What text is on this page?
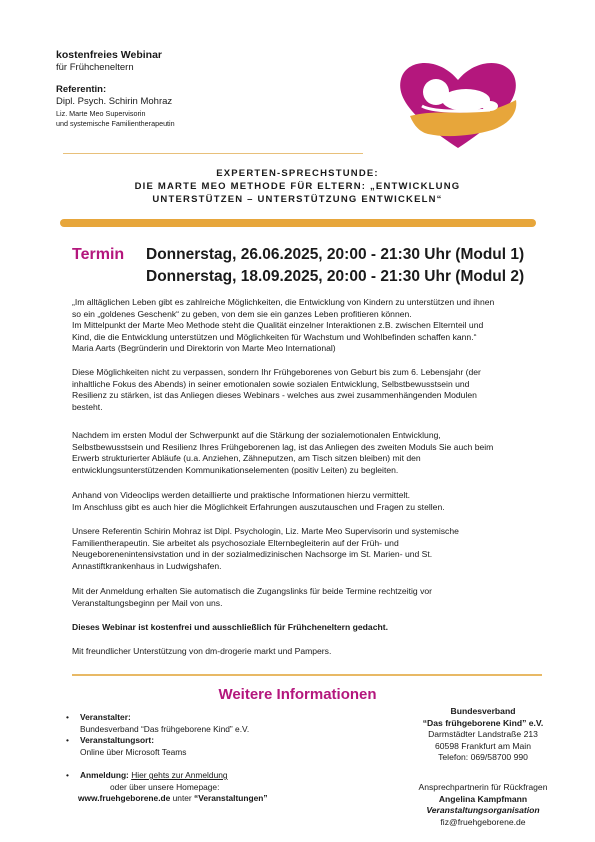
kostenfreies Webinar
für Frühcheneltern
Referentin:
Dipl. Psych. Schirin Mohraz
Liz. Marte Meo Supervisorin
und systemische Familientherapeutin
EXPERTEN-SPRECHSTUNDE:
DIE MARTE MEO METHODE FÜR ELTERN: „ENTWICKLUNG
UNTERSTÜTZEN – UNTERSTÜTZUNG ENTWICKELN“
Termin Donnerstag, 26.06.2025, 20:00 - 21:30 Uhr (Modul 1)
Donnerstag, 18.09.2025, 20:00 - 21:30 Uhr (Modul 2)

„Im alltäglichen Leben gibt es zahlreiche Möglichkeiten, die Entwicklung von Kindern zu unterstützen und ihnen

so ein „goldenes Geschenk“ zu geben, von dem sie ein ganzes Leben profitieren können.

Im Mittelpunkt der Marte Meo Methode steht die Qualität einzelner Interaktionen z.B. zwischen Elternteil und

Kind, die die Entwicklung unterstützen und Möglichkeiten für Wachstum und Wohlbefinden schaffen kann.“

Maria Aarts (Begründerin und Direktorin von Marte Meo International)

Diese Möglichkeiten nicht zu verpassen, sondern Ihr Frühgeborenes von Geburt bis zum 6. Lebensjahr (der

inhaltliche Fokus des Abends) in seiner emotionalen sowie sozialen Entwicklung, Selbstbewusstsein und

Resilienz zu stärken, ist das Anliegen dieses Webinars - welches aus zwei zusammenhängenden Modulen

besteht.

Nachdem im ersten Modul der Schwerpunkt auf die Stärkung der sozialemotionalen Entwicklung,

Selbstbewusstsein und Resilienz Ihres Frühgeborenen lag, ist das Anliegen des zweiten Moduls Sie auch beim

Erwerb strukturierter Abläufe (u.a. Anziehen, Zähneputzen, am Tisch sitzen bleiben) mit den

entwicklungsunterstützenden Kommunikationselementen (positiv Leiten) zu begleiten.

Anhand von Videoclips werden detaillierte und praktische Informationen hierzu vermittelt.

Im Anschluss gibt es auch hier die Möglichkeit Erfahrungen auszutauschen und Fragen zu stellen.

Unsere Referentin Schirin Mohraz ist Dipl. Psychologin, Liz. Marte Meo Supervisorin und systemische

Familientherapeutin. Sie arbeitet als psychosoziale Elternbegleiterin auf der Früh- und

Neugeborenenintensivstation und in der sozialmedizinischen Nachsorge im St. Marien- und St.

Annastiftkrankenhaus in Ludwigshafen.

Mit der Anmeldung erhalten Sie automatisch die Zugangslinks für beide Termine rechtzeitig vor

Veranstaltungsbeginn per Mail von uns.

Dieses Webinar ist kostenfrei und ausschließlich für Frühcheneltern gedacht.
Mit freundlicher Unterstützung von dm-drogerie markt und Pampers.
Weitere Informationen
• Veranstalter:
Bundesverband “Das frühgeborene Kind” e.V.
• Veranstaltungsort:
Online über Microsoft Teams
• Anmeldung: Hier gehts zur Anmeldung
oder über unsere Homepage:
www.fruehgeborene.de unter “Veranstaltungen”
Bundesverband
“Das frühgeborene Kind” e.V.
Darmstädter Landstraße 213
60598 Frankfurt am Main
Telefon: 069/58700 990
Ansprechpartnerin für Rückfragen
Angelina Kampfmann
Veranstaltungsorganisation
fiz@fruehgeborene.de
